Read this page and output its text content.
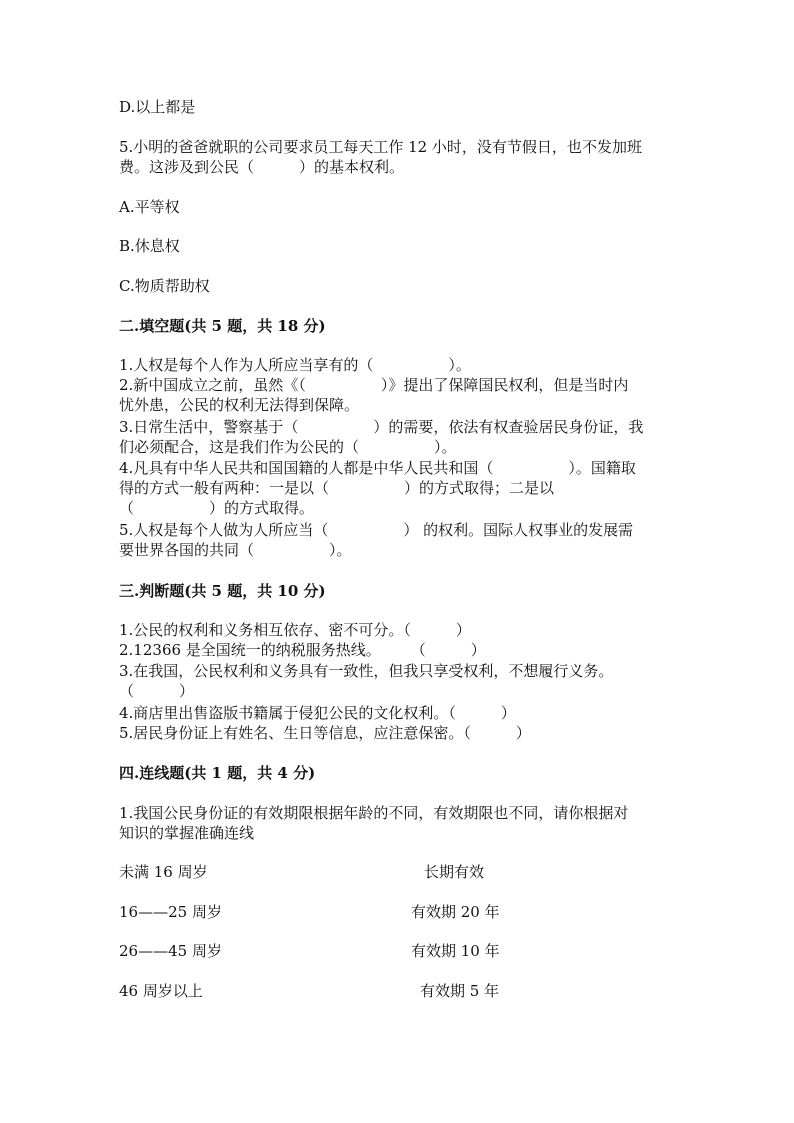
D.以上都是
5.小明的爸爸就职的公司要求员工每天工作 12 小时，没有节假日，也不发加班
费。这涉及到公民（　　　）的基本权利。
A.平等权
B.休息权
C.物质帮助权
二.填空题(共 5 题，共 18 分)
1.人权是每个人作为人所应当享有的（　　　　　）。
2.新中国成立之前，虽然《（　　　　　）》提出了保障国民权利，但是当时内
忧外患，公民的权利无法得到保障。
3.日常生活中，警察基于（　　　　　）的需要，依法有权查验居民身份证，我
们必须配合，这是我们作为公民的（　　　　　）。
4.凡具有中华人民共和国国籍的人都是中华人民共和国（　　　　　）。国籍取
得的方式一般有两种：一是以（　　　　　）的方式取得；二是以
（　　　　　）的方式取得。
5.人权是每个人做为人所应当（　　　　　） 的权利。国际人权事业的发展需
要世界各国的共同（　　　　　）。
三.判断题(共 5 题，共 10 分)
1.公民的权利和义务相互依存、密不可分。（　　　）
2.12366 是全国统一的纳税服务热线。　　　（　　　）
3.在我国，公民权利和义务具有一致性，但我只享受权利，不想履行义务。
（　　　）
4.商店里出售盗版书籍属于侵犯公民的文化权利。（　　　）
5.居民身份证上有姓名、生日等信息，应注意保密。（　　　）
四.连线题(共 1 题，共 4 分)
1.我国公民身份证的有效期限根据年龄的不同，有效期限也不同，请你根据对
知识的掌握准确连线
未满 16 周岁	长期有效
16——25 周岁	有效期 20 年
26——45 周岁	有效期 10 年
46 周岁以上	有效期 5 年
